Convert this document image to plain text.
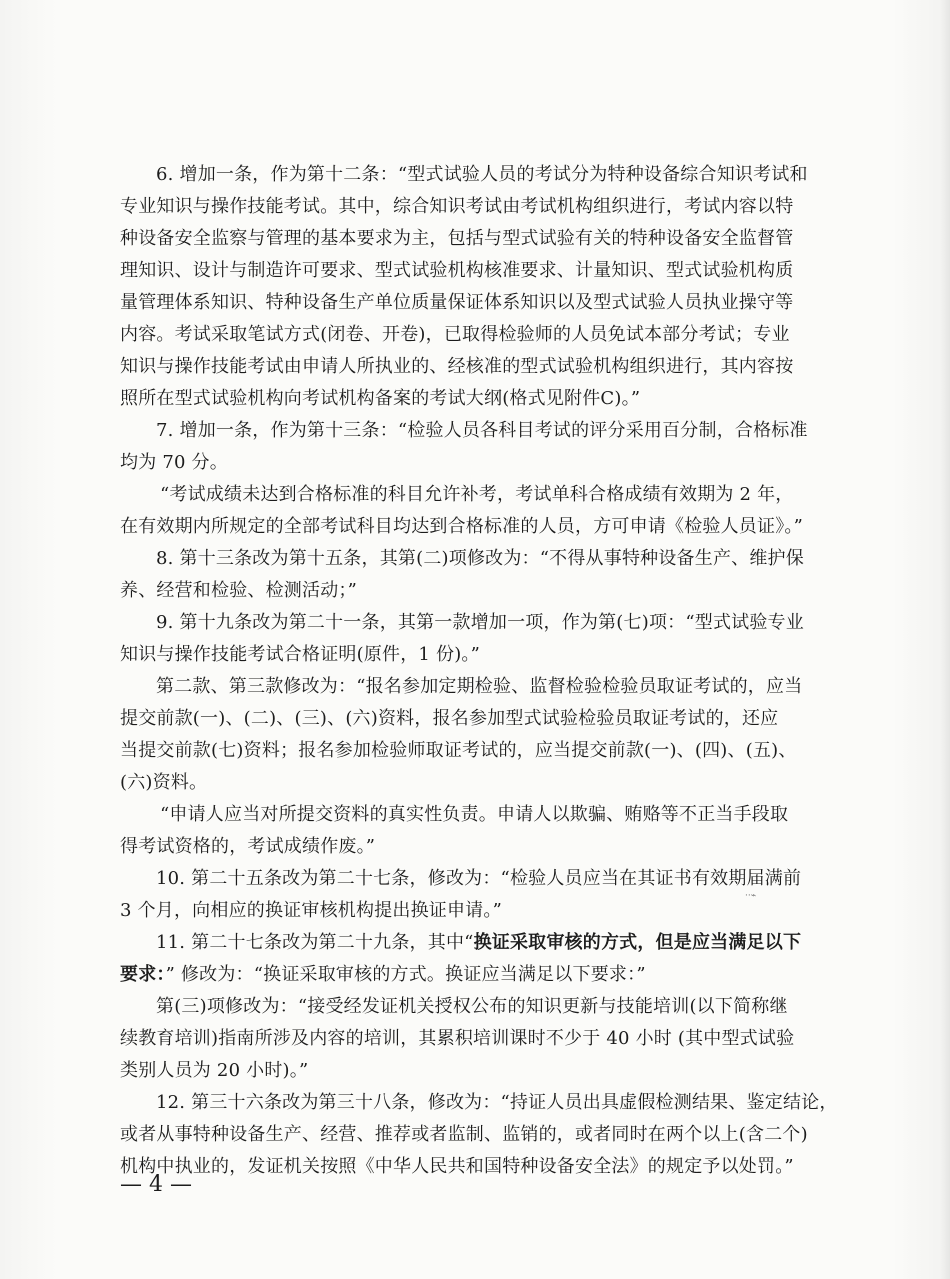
6. 增加一条，作为第十二条：“型式试验人员的考试分为特种设备综合知识考试和
专业知识与操作技能考试。其中，综合知识考试由考试机构组织进行，考试内容以特
种设备安全监察与管理的基本要求为主，包括与型式试验有关的特种设备安全监督管
理知识、设计与制造许可要求、型式试验机构核准要求、计量知识、型式试验机构质
量管理体系知识、特种设备生产单位质量保证体系知识以及型式试验人员执业操守等
内容。考试采取笔试方式(闭卷、开卷)，已取得检验师的人员免试本部分考试；专业
知识与操作技能考试由申请人所执业的、经核准的型式试验机构组织进行，其内容按
照所在型式试验机构向考试机构备案的考试大纲(格式见附件C)。”
7. 增加一条，作为第十三条：“检验人员各科目考试的评分采用百分制，合格标准
均为 70 分。
“考试成绩未达到合格标准的科目允许补考，考试单科合格成绩有效期为 2 年，
在有效期内所规定的全部考试科目均达到合格标准的人员，方可申请《检验人员证》。”
8. 第十三条改为第十五条，其第(二)项修改为：“不得从事特种设备生产、维护保
养、经营和检验、检测活动；”
9. 第十九条改为第二十一条，其第一款增加一项，作为第(七)项：“型式试验专业
知识与操作技能考试合格证明(原件，1 份)。”
第二款、第三款修改为：“报名参加定期检验、监督检验检验员取证考试的，应当
提交前款(一)、(二)、(三)、(六)资料，报名参加型式试验检验员取证考试的，还应
当提交前款(七)资料；报名参加检验师取证考试的，应当提交前款(一)、(四)、(五)、
(六)资料。
“申请人应当对所提交资料的真实性负责。申请人以欺骗、贿赂等不正当手段取
得考试资格的，考试成绩作废。”
10. 第二十五条改为第二十七条，修改为：“检验人员应当在其证书有效期届满前
3 个月，向相应的换证审核机构提出换证申请。”
··⌁
11. 第二十七条改为第二十九条，其中“换证采取审核的方式，但是应当满足以下
要求：” 修改为：“换证采取审核的方式。换证应当满足以下要求：”
第(三)项修改为：“接受经发证机关授权公布的知识更新与技能培训(以下简称继
续教育培训)指南所涉及内容的培训，其累积培训课时不少于 40 小时 (其中型式试验
类别人员为 20 小时)。”
12. 第三十六条改为第三十八条，修改为：“持证人员出具虚假检测结果、鉴定结论，
或者从事特种设备生产、经营、推荐或者监制、监销的，或者同时在两个以上(含二个)
机构中执业的，发证机关按照《中华人民共和国特种设备安全法》的规定予以处罚。”
— 4 —
